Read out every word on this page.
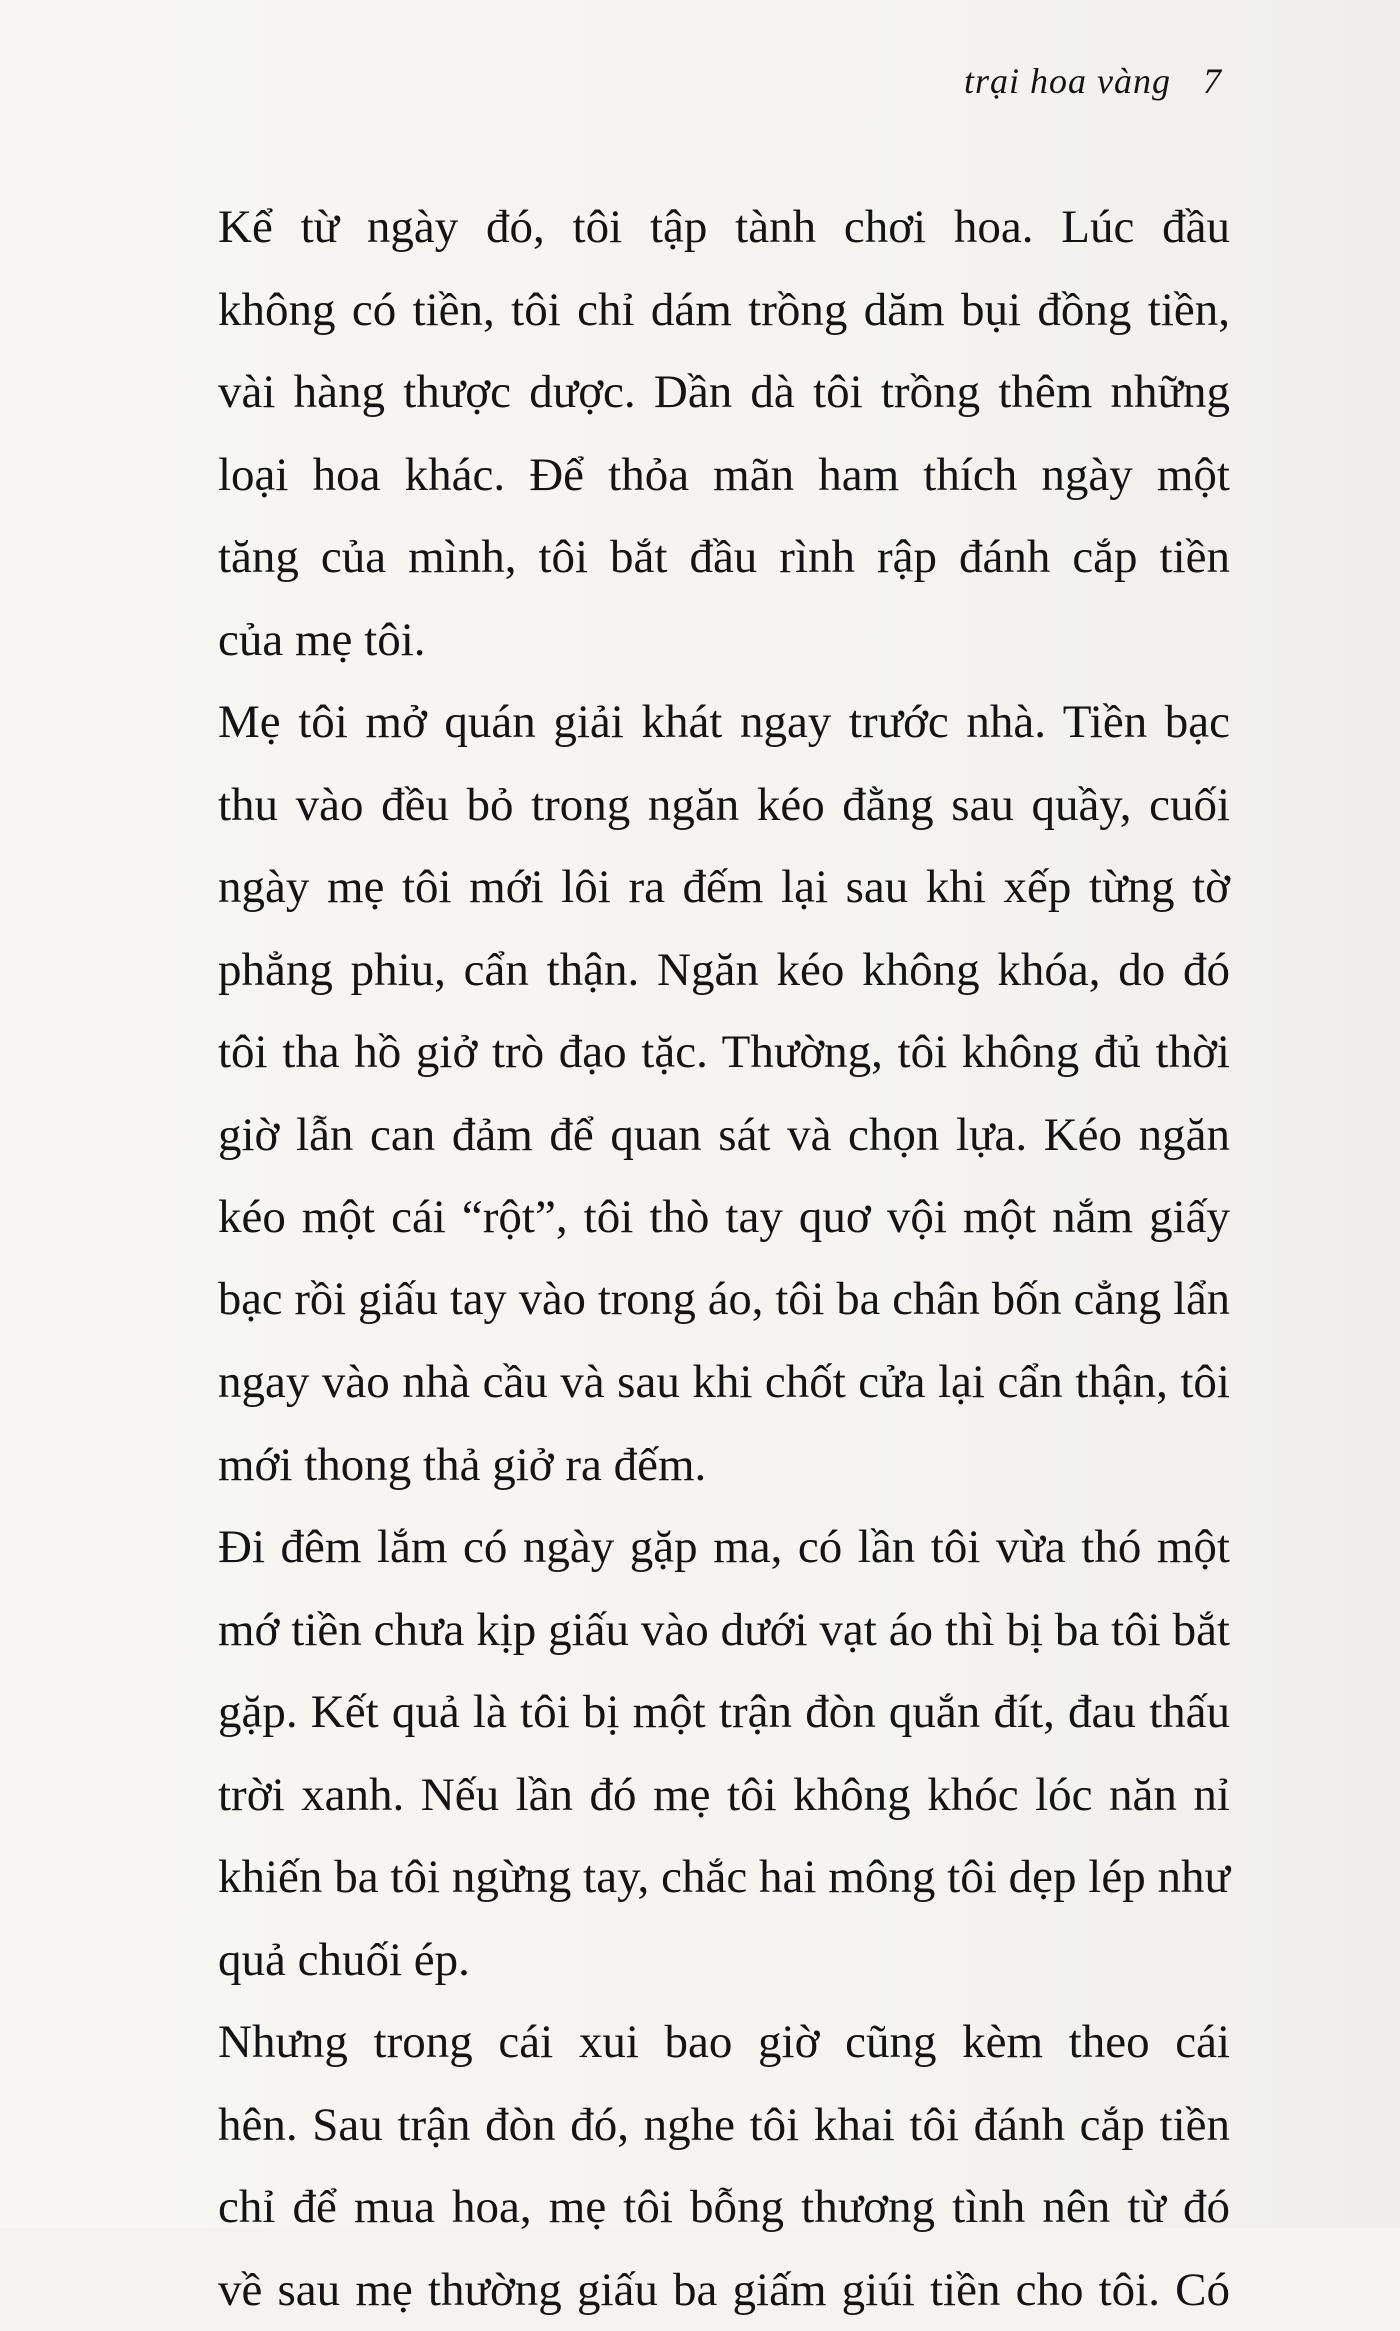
trại hoa vàng 7
Kể từ ngày đó, tôi tập tành chơi hoa. Lúc đầu
không có tiền, tôi chỉ dám trồng dăm bụi đồng tiền,
vài hàng thược dược. Dần dà tôi trồng thêm những
loại hoa khác. Để thỏa mãn ham thích ngày một
tăng của mình, tôi bắt đầu rình rập đánh cắp tiền
của mẹ tôi.
Mẹ tôi mở quán giải khát ngay trước nhà. Tiền bạc
thu vào đều bỏ trong ngăn kéo đằng sau quầy, cuối
ngày mẹ tôi mới lôi ra đếm lại sau khi xếp từng tờ
phẳng phiu, cẩn thận. Ngăn kéo không khóa, do đó
tôi tha hồ giở trò đạo tặc. Thường, tôi không đủ thời
giờ lẫn can đảm để quan sát và chọn lựa. Kéo ngăn
kéo một cái “rột”, tôi thò tay quơ vội một nắm giấy
bạc rồi giấu tay vào trong áo, tôi ba chân bốn cẳng lẩn
ngay vào nhà cầu và sau khi chốt cửa lại cẩn thận, tôi
mới thong thả giở ra đếm.
Đi đêm lắm có ngày gặp ma, có lần tôi vừa thó một
mớ tiền chưa kịp giấu vào dưới vạt áo thì bị ba tôi bắt
gặp. Kết quả là tôi bị một trận đòn quắn đít, đau thấu
trời xanh. Nếu lần đó mẹ tôi không khóc lóc năn nỉ
khiến ba tôi ngừng tay, chắc hai mông tôi dẹp lép như
quả chuối ép.
Nhưng trong cái xui bao giờ cũng kèm theo cái
hên. Sau trận đòn đó, nghe tôi khai tôi đánh cắp tiền
chỉ để mua hoa, mẹ tôi bỗng thương tình nên từ đó
về sau mẹ thường giấu ba giấm giúi tiền cho tôi. Có
